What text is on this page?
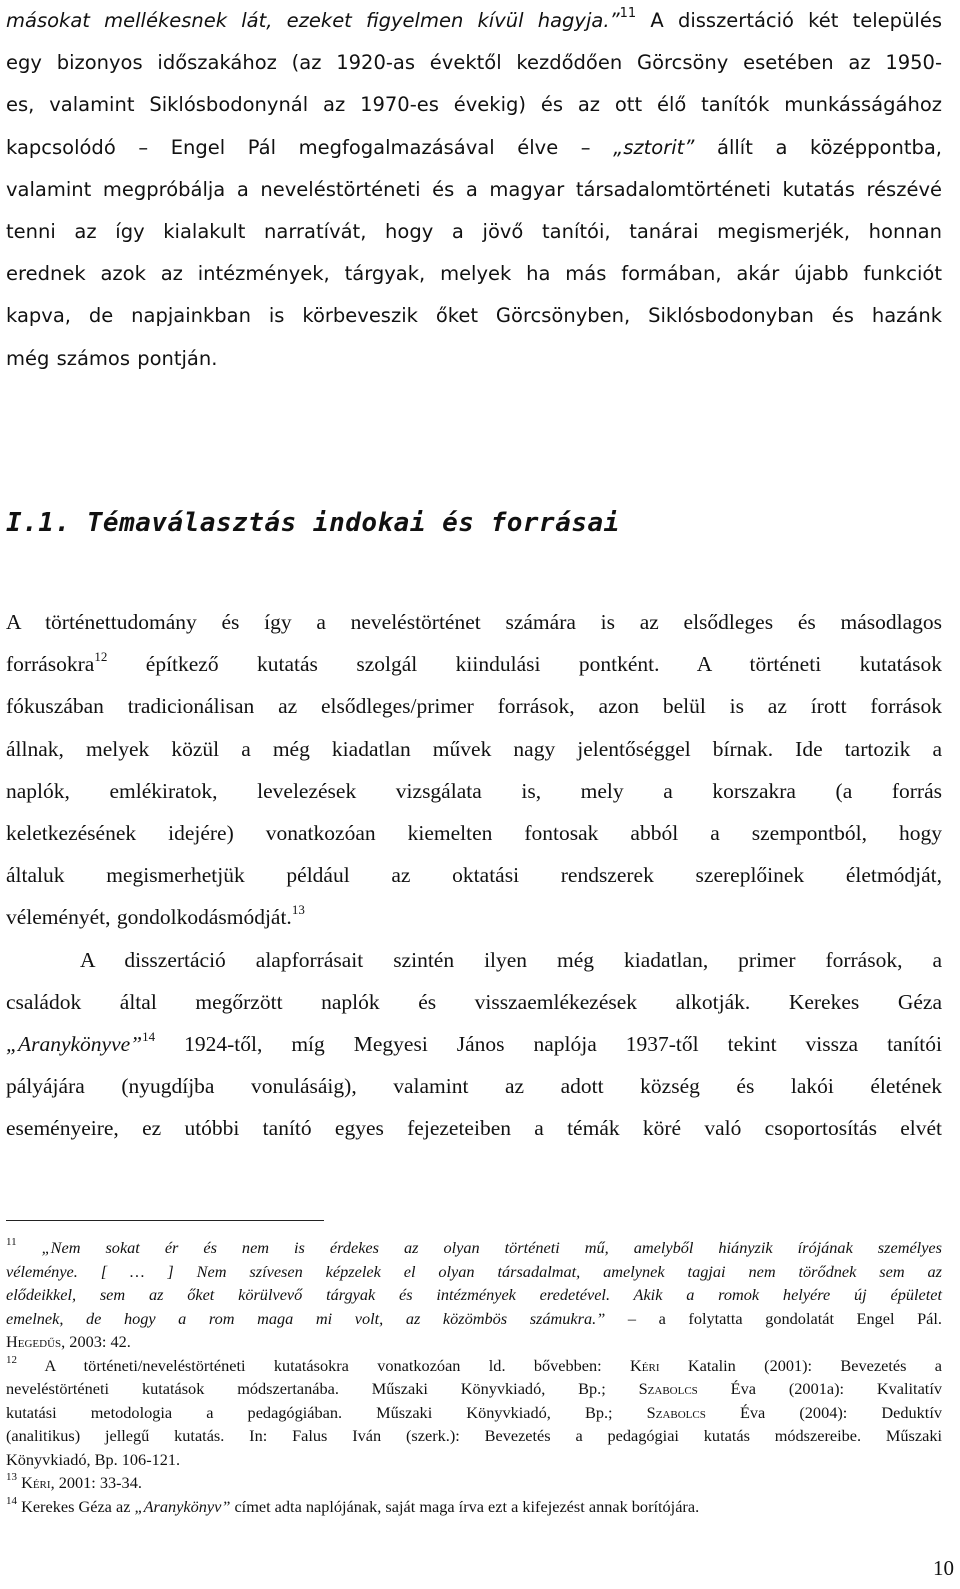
másokat mellékesnek lát, ezeket figyelmen kívül hagyja.”$^{11}$ A disszertáció két település
egy bizonyos időszakához (az 1920-as évektől kezdődően Görcsöny esetében az 1950-
es, valamint Siklósbodonynál az 1970-es évekig) és az ott élő tanítók munkásságához
kapcsolódó – Engel Pál megfogalmazásával élve – „sztorit” állít a középpontba,
valamint megpróbálja a neveléstörténeti és a magyar társadalomtörténeti kutatás részévé
tenni az így kialakult narratívát, hogy a jövő tanítói, tanárai megismerjék, honnan
erednek azok az intézmények, tárgyak, melyek ha más formában, akár újabb funkciót
kapva, de napjainkban is körbeveszik őket Görcsönyben, Siklósbodonyban és hazánk
még számos pontján.
I.1. Témaválasztás indokai és forrásai
A történettudomány és így a neveléstörténet számára is az elsődleges és másodlagos
forrásokra$^{12}$ építkező kutatás szolgál kiindulási pontként. A történeti kutatások
fókuszában tradicionálisan az elsődleges/primer források, azon belül is az írott források
állnak, melyek közül a még kiadatlan művek nagy jelentőséggel bírnak. Ide tartozik a
naplók, emlékiratok, levelezések vizsgálata is, mely a korszakra (a forrás
keletkezésének idejére) vonatkozóan kiemelten fontosak abból a szempontból, hogy
általuk megismerhetjük például az oktatási rendszerek szereplőinek életmódját,
véleményét, gondolkodásmódját.$^{13}$
A disszertáció alapforrásait szintén ilyen még kiadatlan, primer források, a
családok által megőrzött naplók és visszaemlékezések alkotják. Kerekes Géza
„Aranykönyve”$^{14}$ 1924-től, míg Megyesi János naplója 1937-től tekint vissza tanítói
pályájára (nyugdíjba vonulásáig), valamint az adott község és lakói életének
eseményeire, ez utóbbi tanító egyes fejezeteiben a témák köré való csoportosítás elvét
$^{11}$ „Nem sokat ér és nem is érdekes az olyan történeti mű, amelyből hiányzik írójának személyes
véleménye. [ … ] Nem szívesen képzelek el olyan társadalmat, amelynek tagjai nem törődnek sem az
elődeikkel, sem az őket körülvevő tárgyak és intézmények eredetével. Akik a romok helyére új épületet
emelnek, de hogy a rom maga mi volt, az közömbös számukra.” – a folytatta gondolatát Engel Pál.
Hegedűs, 2003: 42.
$^{12}$ A történeti/neveléstörténeti kutatásokra vonatkozóan ld. bővebben: Kéri Katalin (2001): Bevezetés a
neveléstörténeti kutatások módszertanába. Műszaki Könyvkiadó, Bp.; Szabolcs Éva (2001a): Kvalitatív
kutatási metodologia a pedagógiában. Műszaki Könyvkiadó, Bp.; Szabolcs Éva (2004): Deduktív
(analitikus) jellegű kutatás. In: Falus Iván (szerk.): Bevezetés a pedagógiai kutatás módszereibe. Műszaki
Könyvkiadó, Bp. 106-121.
$^{13}$ Kéri, 2001: 33-34.
$^{14}$ Kerekes Géza az „Aranykönyv” címet adta naplójának, saját maga írva ezt a kifejezést annak borítójára.
10
